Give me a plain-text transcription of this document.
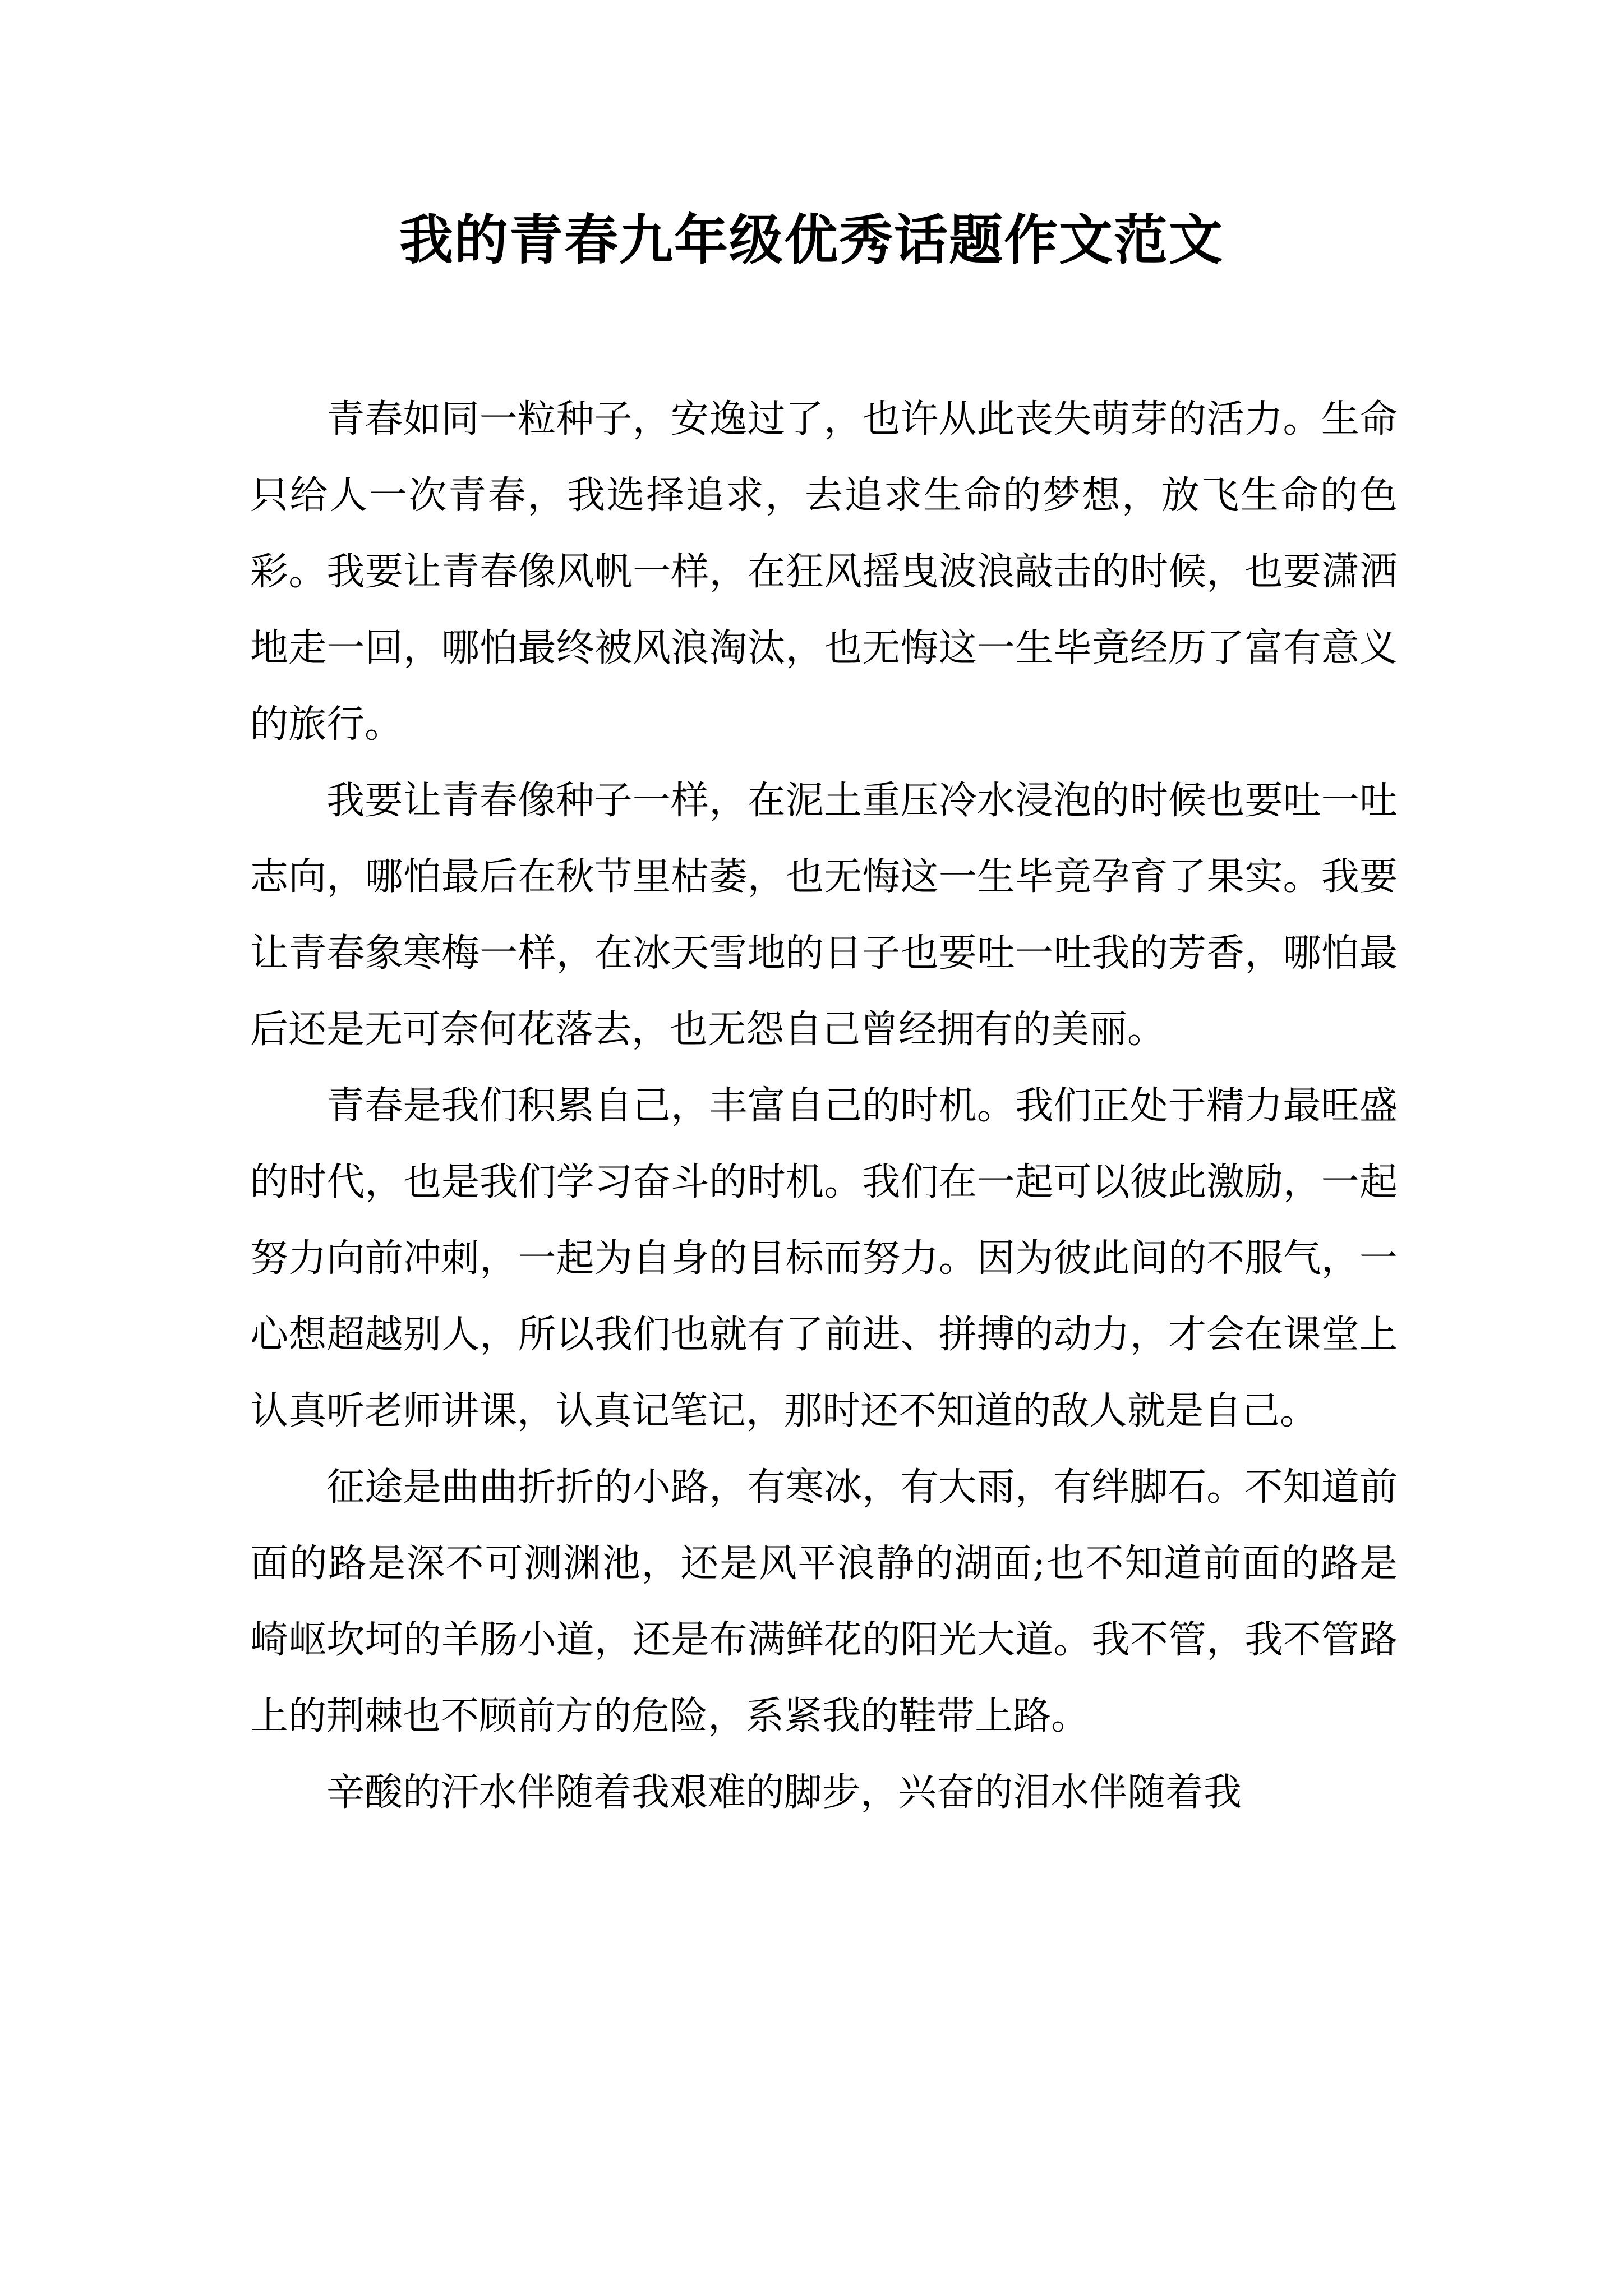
我的青春九年级优秀话题作文范文

青春如同一粒种子，安逸过了，也许从此丧失萌芽的活力。生命只给人一次青春，我选择追求，去追求生命的梦想，放飞生命的色彩。我要让青春像风帆一样，在狂风摇曳波浪敲击的时候，也要潇洒地走一回，哪怕最终被风浪淘汰，也无悔这一生毕竟经历了富有意义的旅行。

我要让青春像种子一样，在泥土重压冷水浸泡的时候也要吐一吐志向，哪怕最后在秋节里枯萎，也无悔这一生毕竟孕育了果实。我要让青春象寒梅一样，在冰天雪地的日子也要吐一吐我的芳香，哪怕最后还是无可奈何花落去，也无怨自己曾经拥有的美丽。

青春是我们积累自己，丰富自己的时机。我们正处于精力最旺盛的时代，也是我们学习奋斗的时机。我们在一起可以彼此激励，一起努力向前冲刺，一起为自身的目标而努力。因为彼此间的不服气，一心想超越别人，所以我们也就有了前进、拼搏的动力，才会在课堂上认真听老师讲课，认真记笔记，那时还不知道的敌人就是自己。

征途是曲曲折折的小路，有寒冰，有大雨，有绊脚石。不知道前面的路是深不可测渊池，还是风平浪静的湖面;也不知道前面的路是崎岖坎坷的羊肠小道，还是布满鲜花的阳光大道。我不管，我不管路上的荆棘也不顾前方的危险，系紧我的鞋带上路。

辛酸的汗水伴随着我艰难的脚步，兴奋的泪水伴随着我
